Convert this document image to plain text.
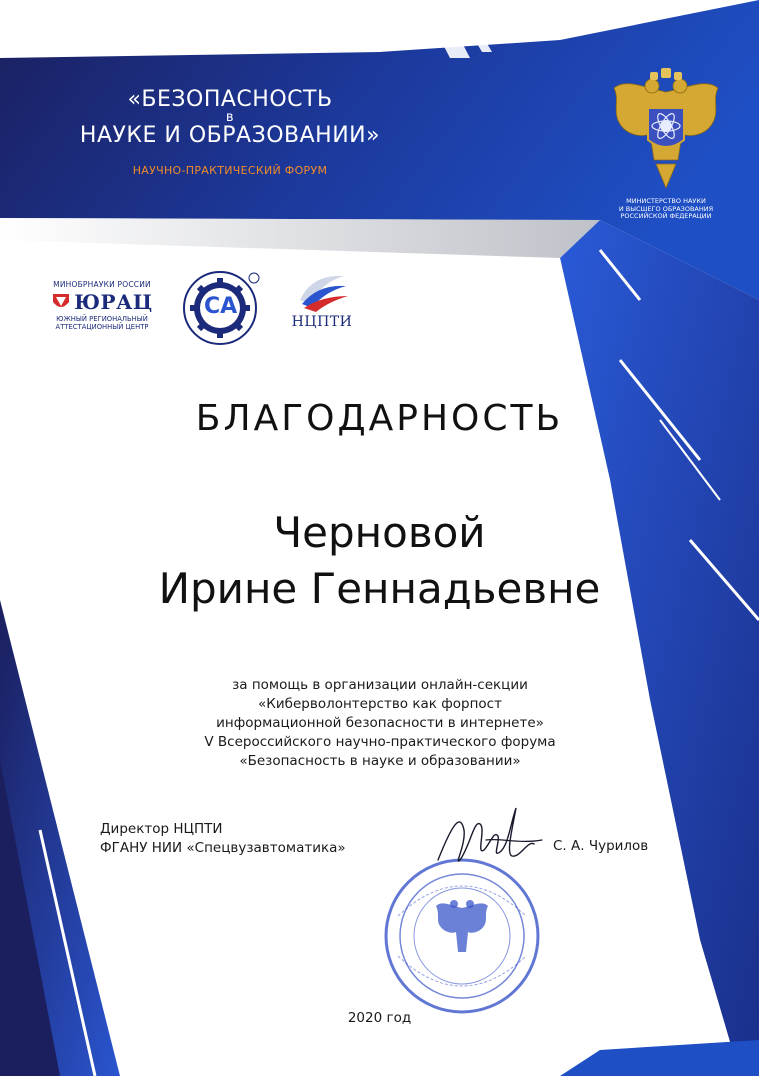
«БЕЗОПАСНОСТЬ
в
НАУКЕ И ОБРАЗОВАНИИ»
НАУЧНО-ПРАКТИЧЕСКИЙ ФОРУМ
МИНИСТЕРСТВО НАУКИ
И ВЫСШЕГО ОБРАЗОВАНИЯ
РОССИЙСКОЙ ФЕДЕРАЦИИ
МИНОБРНАУКИ РОССИИ
ЮРАЦ
ЮЖНЫЙ РЕГИОНАЛЬНЫЙ
АТТЕСТАЦИОННЫЙ ЦЕНТР
СА
НЦПТИ
БЛАГОДАРНОСТЬ
Черновой
Ирине Геннадьевне
за помощь в организации онлайн-секции
«Киберволонтерство как форпост
информационной безопасности в интернете»
V Всероссийского научно-практического форума
«Безопасность в науке и образовании»
Директор НЦПТИ
ФГАНУ НИИ «Спецвузавтоматика»	С. А. Чурилов
2020 год
